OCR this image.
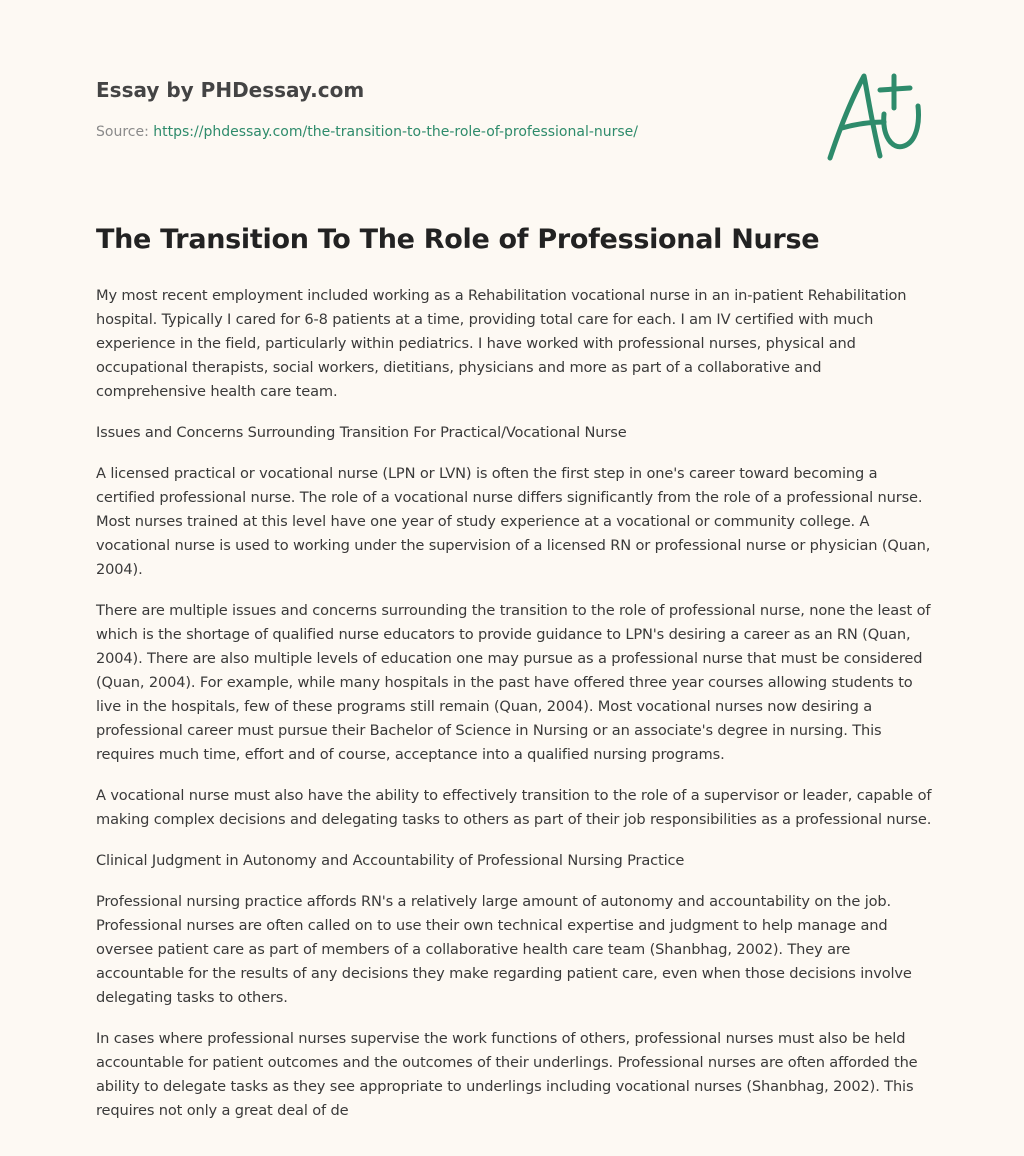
Essay by PHDessay.com
Source: https://phdessay.com/the-transition-to-the-role-of-professional-nurse/
The Transition To The Role of Professional Nurse

My most recent employment included working as a Rehabilitation vocational nurse in an in-patient Rehabilitation hospital. Typically I cared for 6-8 patients at a time, providing total care for each. I am IV certified with much experience in the field, particularly within pediatrics. I have worked with professional nurses, physical and occupational therapists, social workers, dietitians, physicians and more as part of a collaborative and comprehensive health care team.

Issues and Concerns Surrounding Transition For Practical/Vocational Nurse

A licensed practical or vocational nurse (LPN or LVN) is often the first step in one's career toward becoming a certified professional nurse. The role of a vocational nurse differs significantly from the role of a professional nurse. Most nurses trained at this level have one year of study experience at a vocational or community college. A vocational nurse is used to working under the supervision of a licensed RN or professional nurse or physician (Quan, 2004).

There are multiple issues and concerns surrounding the transition to the role of professional nurse, none the least of which is the shortage of qualified nurse educators to provide guidance to LPN's desiring a career as an RN (Quan, 2004). There are also multiple levels of education one may pursue as a professional nurse that must be considered (Quan, 2004). For example, while many hospitals in the past have offered three year courses allowing students to live in the hospitals, few of these programs still remain (Quan, 2004). Most vocational nurses now desiring a professional career must pursue their Bachelor of Science in Nursing or an associate's degree in nursing. This requires much time, effort and of course, acceptance into a qualified nursing programs.

A vocational nurse must also have the ability to effectively transition to the role of a supervisor or leader, capable of making complex decisions and delegating tasks to others as part of their job responsibilities as a professional nurse.

Clinical Judgment in Autonomy and Accountability of Professional Nursing Practice

Professional nursing practice affords RN's a relatively large amount of autonomy and accountability on the job. Professional nurses are often called on to use their own technical expertise and judgment to help manage and oversee patient care as part of members of a collaborative health care team (Shanbhag, 2002). They are accountable for the results of any decisions they make regarding patient care, even when those decisions involve delegating tasks to others.

In cases where professional nurses supervise the work functions of others, professional nurses must also be held accountable for patient outcomes and the outcomes of their underlings. Professional nurses are often afforded the ability to delegate tasks as they see appropriate to underlings including vocational nurses (Shanbhag, 2002). This requires not only a great deal of de
